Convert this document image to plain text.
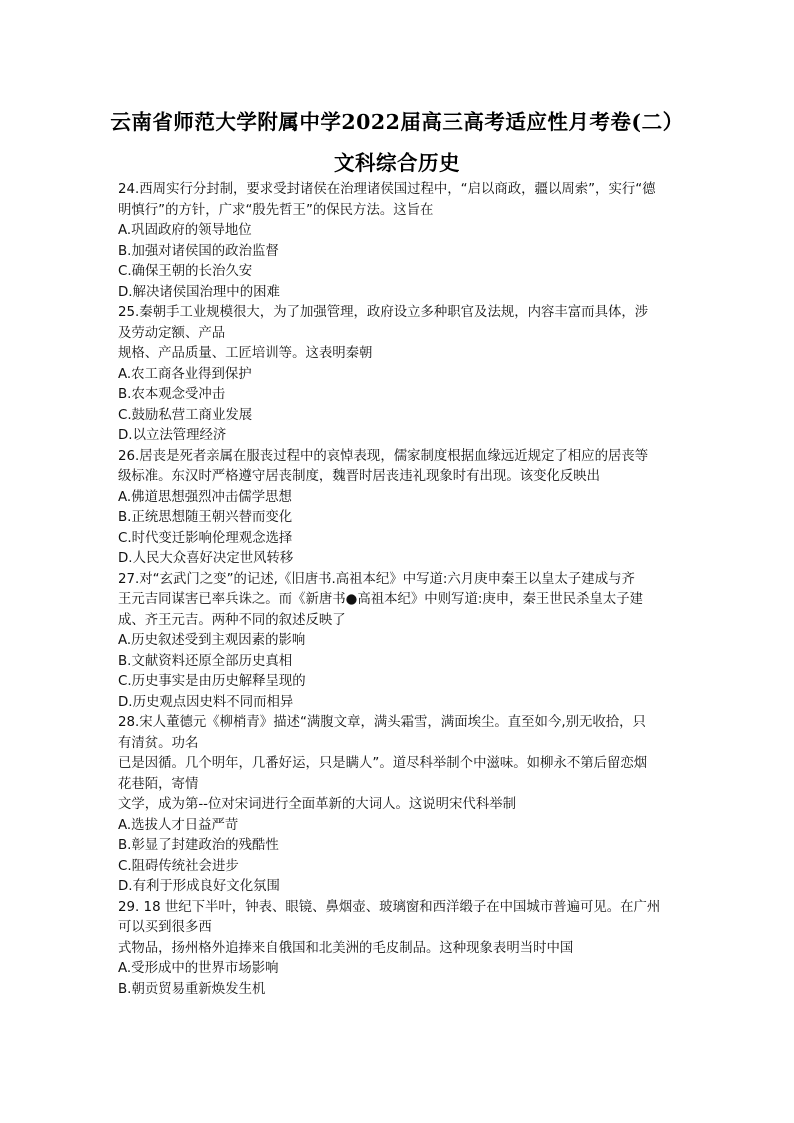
云南省师范大学附属中学2022届高三高考适应性月考卷(二）
文科综合历史
24.西周实行分封制，要求受封诸侯在治理诸侯国过程中，“启以商政，疆以周索”，实行“德
明慎行”的方针，广求“殷先哲王”的保民方法。这旨在
A.巩固政府的领导地位
B.加强对诸侯国的政治监督
C.确保王朝的长治久安
D.解决诸侯国治理中的困难
25.秦朝手工业规模很大，为了加强管理，政府设立多种职官及法规，内容丰富而具体，涉
及劳动定额、产品
规格、产品质量、工匠培训等。这表明秦朝
A.农工商各业得到保护
B.农本观念受冲击
C.鼓励私营工商业发展
D.以立法管理经济
26.居丧是死者亲属在服丧过程中的哀悼表现，儒家制度根据血缘远近规定了相应的居丧等
级标准。东汉时严格遵守居丧制度，魏晋时居丧违礼现象时有出现。该变化反映出
A.佛道思想强烈冲击儒学思想
B.正统思想随王朝兴替而变化
C.时代变迁影响伦理观念选择
D.人民大众喜好决定世风转移
27.对“玄武门之变”的记述,《旧唐书.高祖本纪》中写道:六月庚申秦王以皇太子建成与齐
王元吉同谋害已率兵诛之。而《新唐书●高祖本纪》中则写道:庚申，秦王世民杀皇太子建
成、齐王元吉。两种不同的叙述反映了
A.历史叙述受到主观因素的影响
B.文献资料还原全部历史真相
C.历史事实是由历史解释呈现的
D.历史观点因史料不同而相异
28.宋人董德元《柳梢青》描述“满腹文章，满头霜雪，满面埃尘。直至如今,别无收拾，只
有清贫。功名
已是因循。几个明年，几番好运，只是瞒人”。道尽科举制个中滋味。如柳永不第后留恋烟
花巷陌，寄情
文学，成为第--位对宋词进行全面革新的大词人。这说明宋代科举制
A.选拔人才日益严苛
B.彰显了封建政治的残酷性
C.阻碍传统社会进步
D.有利于形成良好文化氛围
29. 18 世纪下半叶，钟表、眼镜、鼻烟壶、玻璃窗和西洋缎子在中国城市普遍可见。在广州
可以买到很多西
式物品，扬州格外追捧来自俄国和北美洲的毛皮制品。这种现象表明当时中国
A.受形成中的世界市场影响
B.朝贡贸易重新焕发生机
